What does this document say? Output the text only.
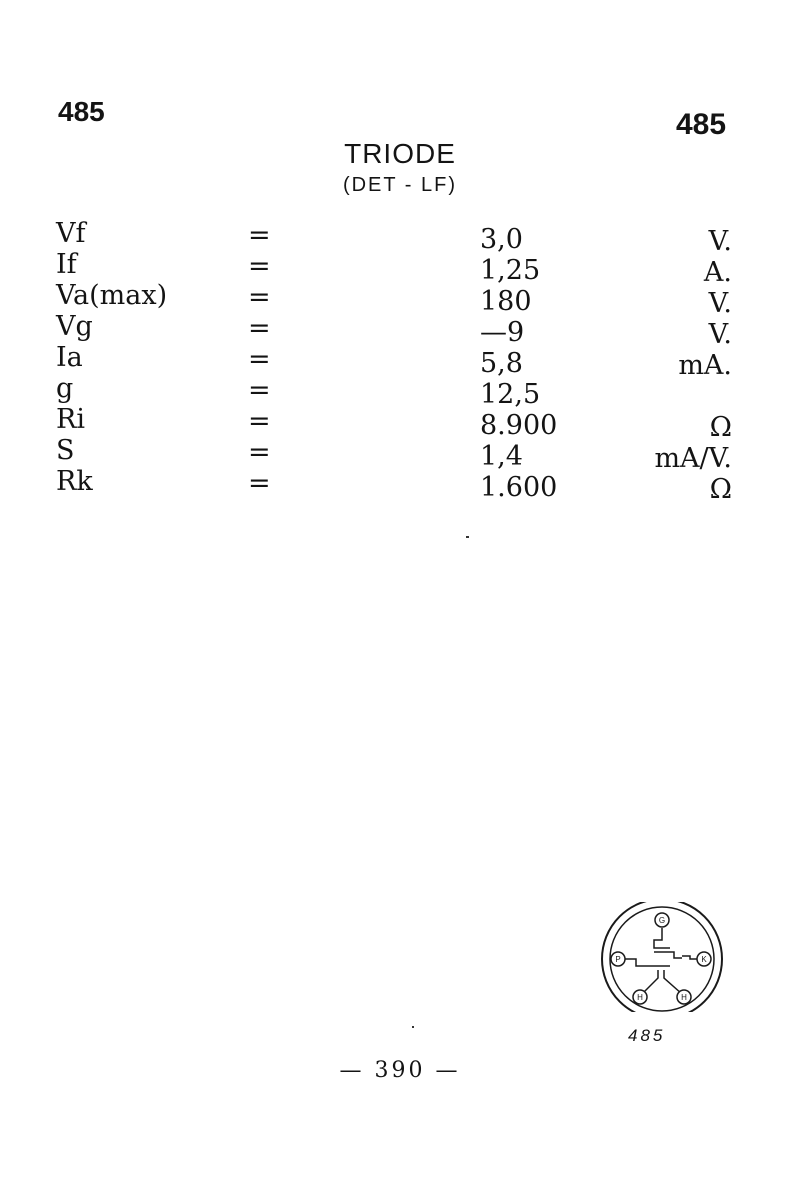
485	485
TRIODE
(DET - LF)
Vf	=	3,0	V.
If	=	1,25	A.
Va(max)	=	180	V.
Vg	=	—9	V.
Ia	=	5,8	mA.
g	=	12,5
Ri	=	8.900	Ω
S	=	1,4	mA/V.
Rk	=	1.600	Ω
G
P	K
H	H
485
— 390 —
